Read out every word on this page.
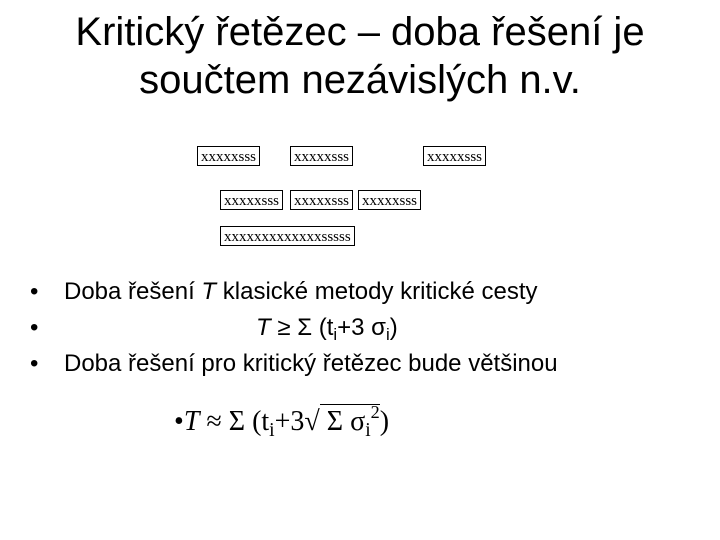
Kritický řetězec – doba řešení je
součtem nezávislých n.v.
xxxxxsss	xxxxxsss	xxxxxsss
xxxxxsss xxxxxsss xxxxxsss
xxxxxxxxxxxxxsssss
• Doba řešení T klasické metody kritické cesty
•	T ≥ Σ ($t_i+3$ $\sigma_i$)
• Doba řešení pro kritický řetězec bude většinou
•T ≈ Σ ($t_i+3√$ Σ $\sigma_i^2$)
